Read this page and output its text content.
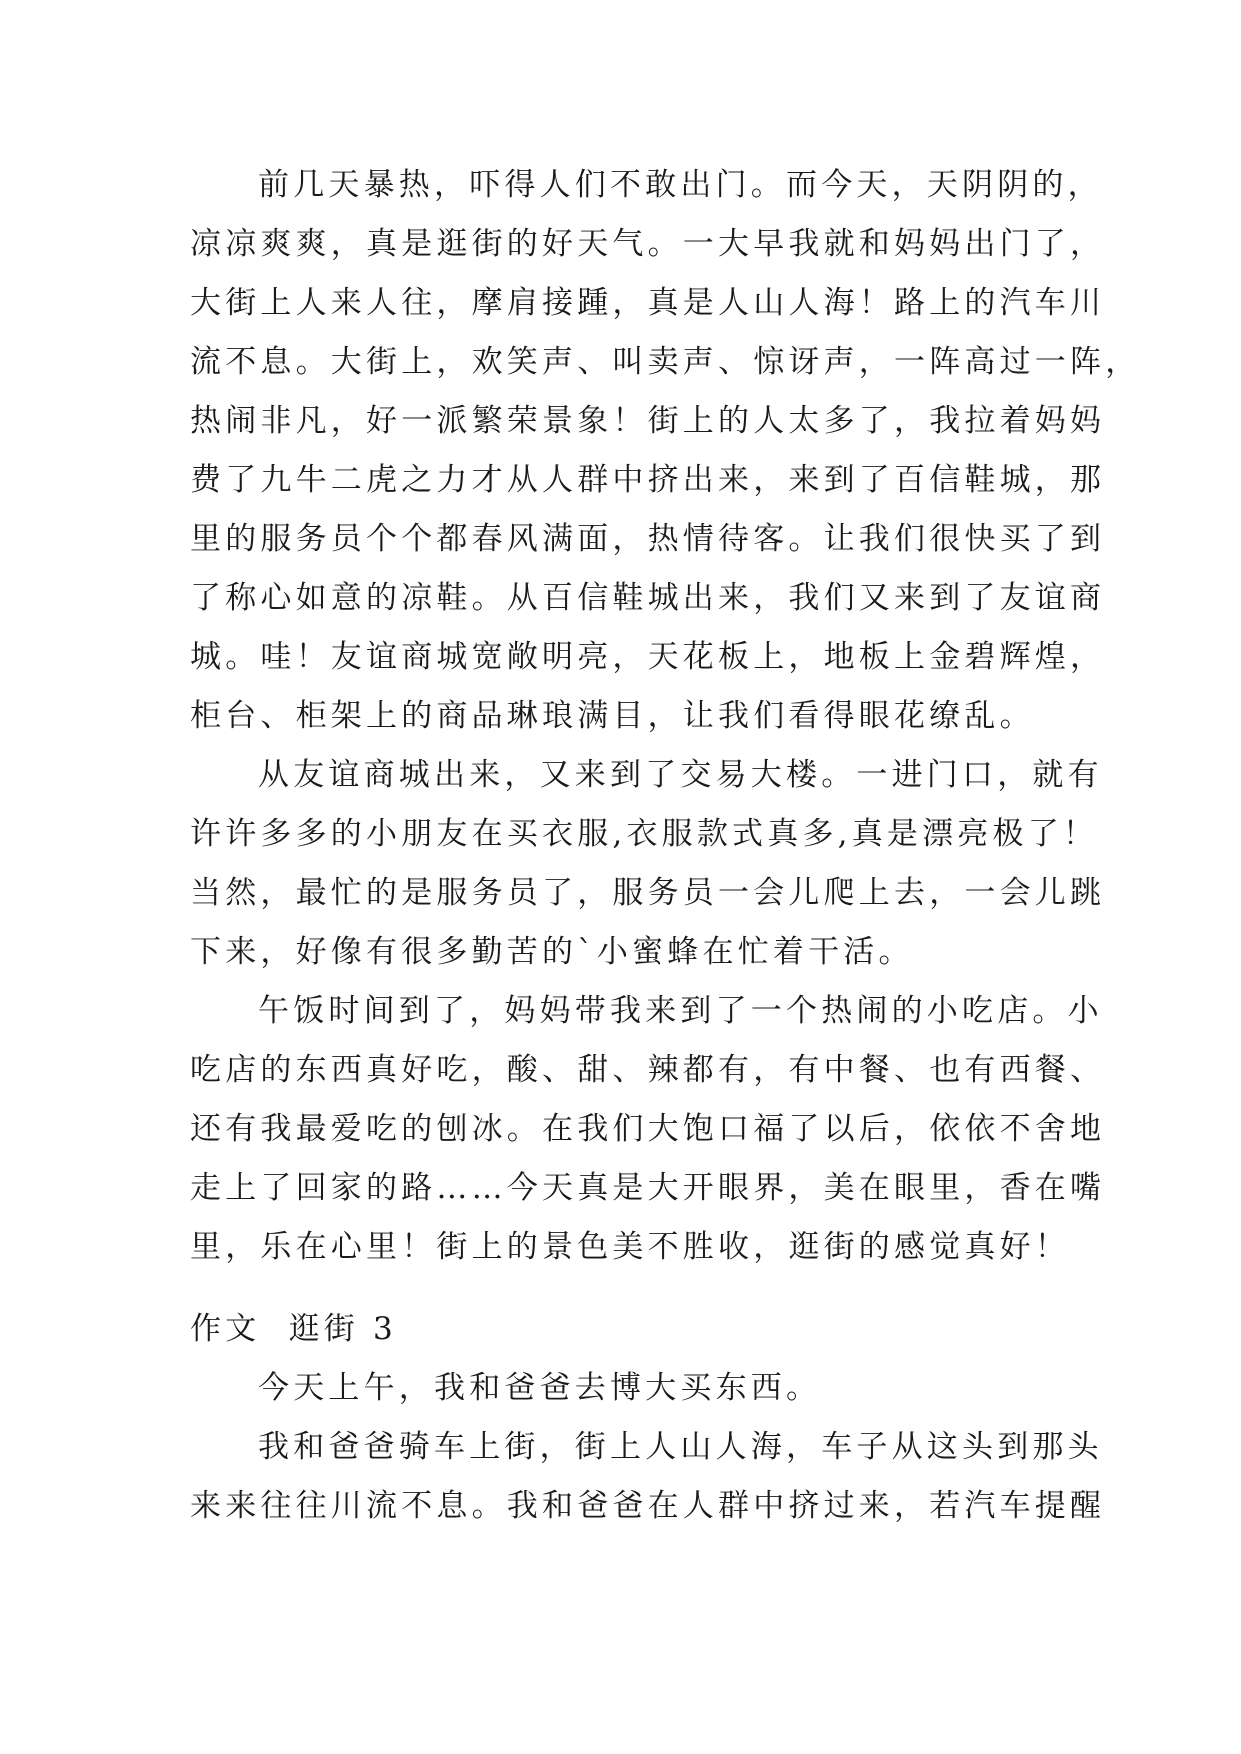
前几天暴热，吓得人们不敢出门。而今天，天阴阴的，
凉凉爽爽，真是逛街的好天气。一大早我就和妈妈出门了，
大街上人来人往，摩肩接踵，真是人山人海！路上的汽车川
流不息。大街上，欢笑声、叫卖声、惊讶声，一阵高过一阵，
热闹非凡，好一派繁荣景象！街上的人太多了，我拉着妈妈
费了九牛二虎之力才从人群中挤出来，来到了百信鞋城，那
里的服务员个个都春风满面，热情待客。让我们很快买了到
了称心如意的凉鞋。从百信鞋城出来，我们又来到了友谊商
城。哇！友谊商城宽敞明亮，天花板上，地板上金碧辉煌，
柜台、柜架上的商品琳琅满目，让我们看得眼花缭乱。
从友谊商城出来，又来到了交易大楼。一进门口，就有
许许多多的小朋友在买衣服,衣服款式真多,真是漂亮极了！
当然，最忙的是服务员了，服务员一会儿爬上去，一会儿跳
下来，好像有很多勤苦的`小蜜蜂在忙着干活。
午饭时间到了，妈妈带我来到了一个热闹的小吃店。小
吃店的东西真好吃，酸、甜、辣都有，有中餐、也有西餐、
还有我最爱吃的刨冰。在我们大饱口福了以后，依依不舍地
走上了回家的路……今天真是大开眼界，美在眼里，香在嘴
里，乐在心里！街上的景色美不胜收，逛街的感觉真好！
作文  逛街 3
今天上午，我和爸爸去博大买东西。
我和爸爸骑车上街，街上人山人海，车子从这头到那头
来来往往川流不息。我和爸爸在人群中挤过来，若汽车提醒
